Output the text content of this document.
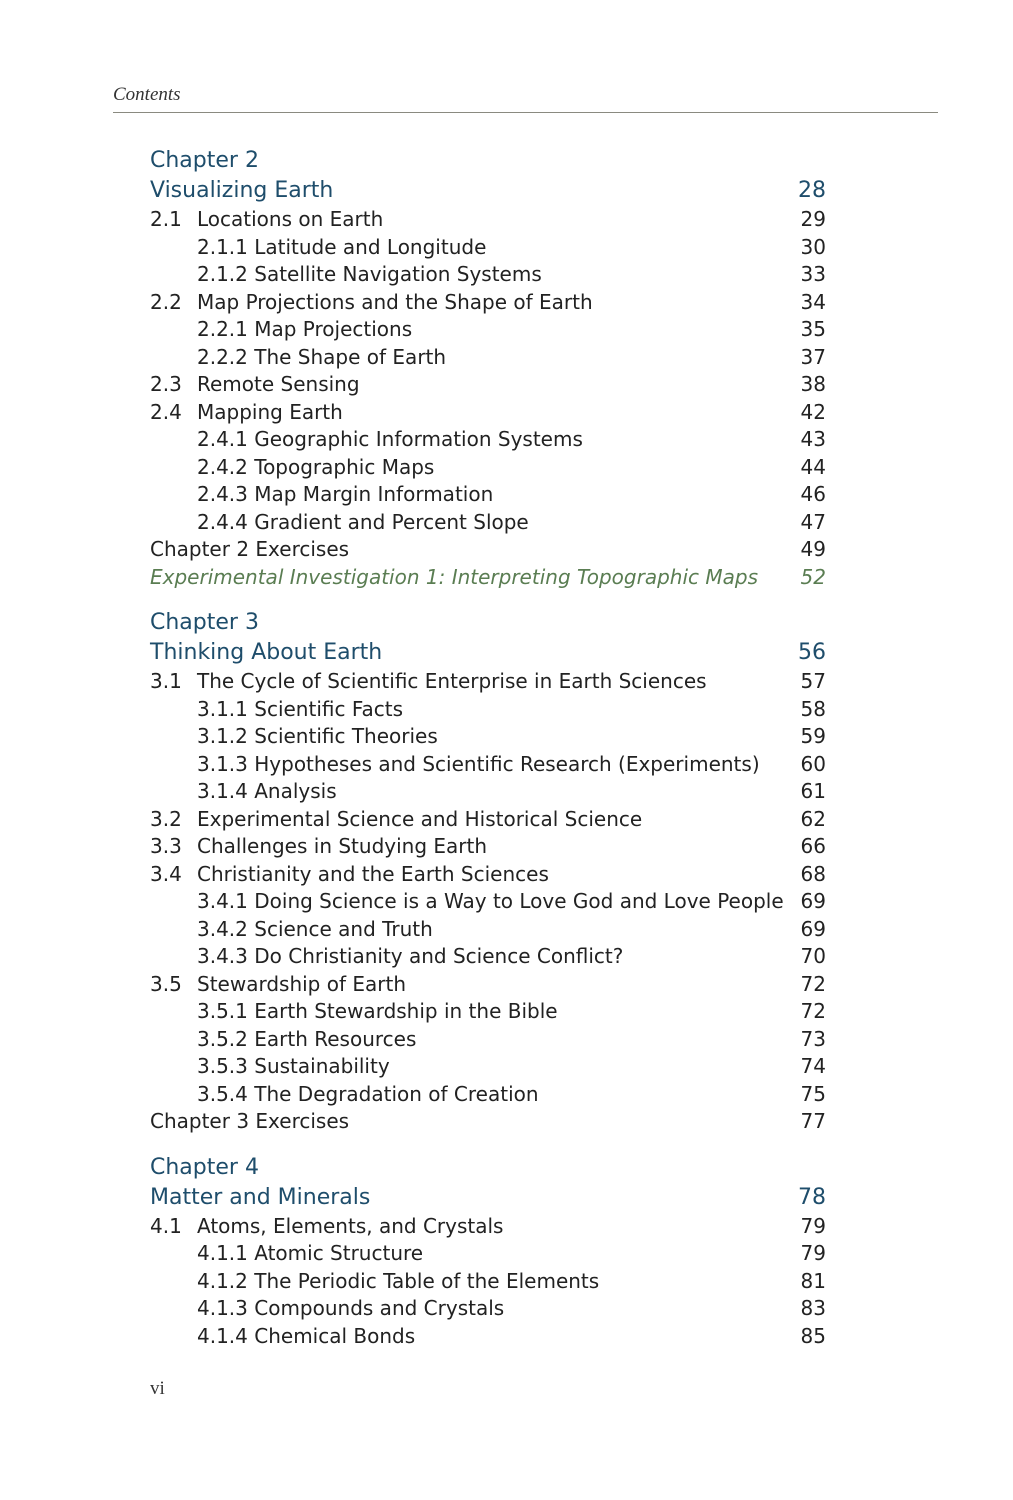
Contents
Chapter 2
Visualizing Earth	28
2.1 Locations on Earth	29
2.1.1 Latitude and Longitude	30
2.1.2 Satellite Navigation Systems	33
2.2 Map Projections and the Shape of Earth	34
2.2.1 Map Projections	35
2.2.2 The Shape of Earth	37
2.3 Remote Sensing	38
2.4 Mapping Earth	42
2.4.1 Geographic Information Systems	43
2.4.2 Topographic Maps	44
2.4.3 Map Margin Information	46
2.4.4 Gradient and Percent Slope	47
Chapter 2 Exercises	49
Experimental Investigation 1: Interpreting Topographic Maps 52
Chapter 3
Thinking About Earth	56
3.1 The Cycle of Scientific Enterprise in Earth Sciences	57
3.1.1 Scientific Facts	58
3.1.2 Scientific Theories	59
3.1.3 Hypotheses and Scientific Research (Experiments) 60
3.1.4 Analysis	61
3.2 Experimental Science and Historical Science	62
3.3 Challenges in Studying Earth	66
3.4 Christianity and the Earth Sciences	68
3.4.1 Doing Science is a Way to Love God and Love People 69
3.4.2 Science and Truth	69
3.4.3 Do Christianity and Science Conflict?	70
3.5 Stewardship of Earth	72
3.5.1 Earth Stewardship in the Bible	72
3.5.2 Earth Resources	73
3.5.3 Sustainability	74
3.5.4 The Degradation of Creation	75
Chapter 3 Exercises	77
Chapter 4
Matter and Minerals	78
4.1 Atoms, Elements, and Crystals	79
4.1.1 Atomic Structure	79
4.1.2 The Periodic Table of the Elements	81
4.1.3 Compounds and Crystals	83
4.1.4 Chemical Bonds	85
vi
